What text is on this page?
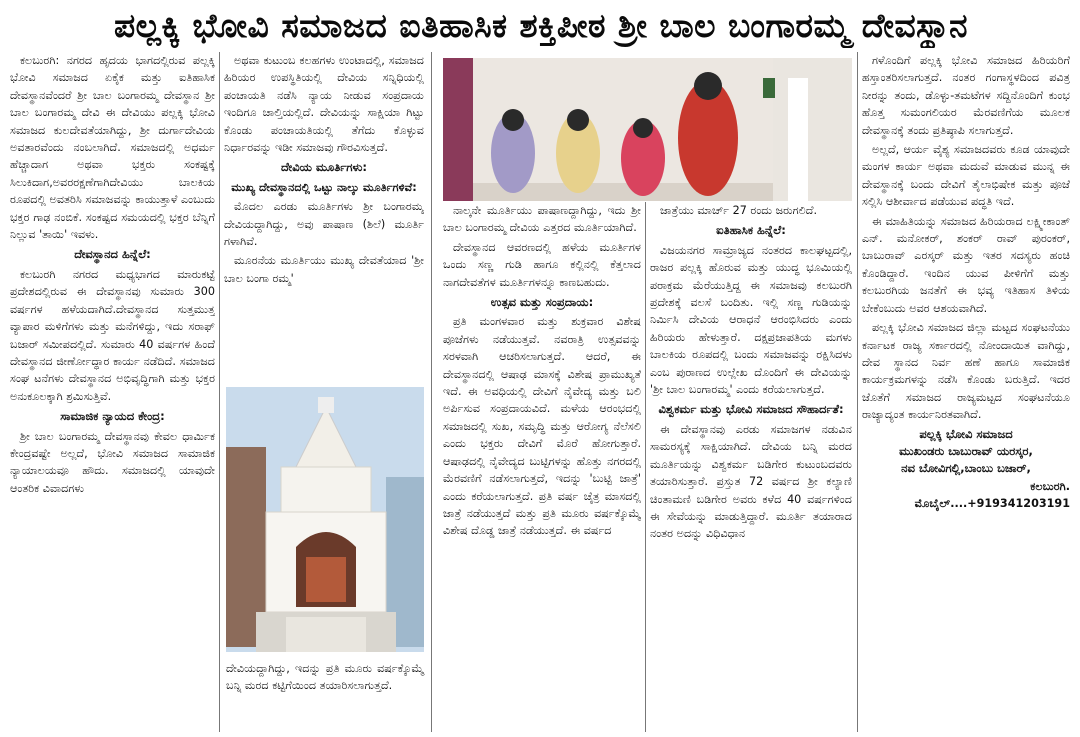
ಪಲ್ಲಕ್ಕಿ ಭೋವಿ ಸಮಾಜದ ಐತಿಹಾಸಿಕ ಶಕ್ತಿಪೀಠ ಶ್ರೀ ಬಾಲ ಬಂಗಾರಮ್ಮ ದೇವಸ್ಥಾನ

ಕಲಬುರಗಿ: ನಗರದ ಹೃದಯ ಭಾಗದಲ್ಲಿರುವ ಪಲ್ಲಕ್ಕಿ ಭೋವಿ ಸಮಾಜದ ಏಕೈಕ ಮತ್ತು ಐತಿಹಾಸಿಕ ದೇವಸ್ಥಾನವೆಂದರೆ ಶ್ರೀ ಬಾಲ ಬಂಗಾರಮ್ಮ ದೇವಸ್ಥಾನ ಶ್ರೀ ಬಾಲ ಬಂಗಾರಮ್ಮ ದೇವಿ ಈ ದೇವಿಯು ಪಲ್ಲಕ್ಕಿ ಭೋವಿ ಸಮಾಜದ ಕುಲದೇವತೆಯಾಗಿದ್ದು, ಶ್ರೀ ದುರ್ಗಾದೇವಿಯ ಅವತಾರವೆಂದು ನಂಬಲಾಗಿದೆ. ಸಮಾಜದಲ್ಲಿ ಅಧರ್ಮ ಹೆಚ್ಚಾದಾಗ ಅಥವಾ ಭಕ್ತರು ಸಂಕಷ್ಟಕ್ಕೆ ಸಿಲುಕಿದಾಗ,ಅವರರಕ್ಷಣೆಗಾಗಿದೇವಿಯು ಬಾಲಕಿಯ ರೂಪದಲ್ಲಿ ಅವತರಿಸಿ ಸಮಾಜವನ್ನು ಕಾಯುತ್ತಾಳೆ ಎಂಬುದು ಭಕ್ತರ ಗಾಢ ನಂಬಿಕೆ. ಸಂಕಷ್ಟದ ಸಮಯದಲ್ಲಿ ಭಕ್ತರ ಬೆನ್ನಿಗೆ ನಿಲ್ಲುವ 'ತಾಯಿ' ಇವಳು.

ದೇವಸ್ಥಾನದ ಹಿನ್ನೆಲೆ:

ಕಲಬುರಗಿ ನಗರದ ಮಧ್ಯಭಾಗದ ಮಾರುಕಟ್ಟೆ ಪ್ರದೇಶದಲ್ಲಿರುವ ಈ ದೇವಸ್ಥಾನವು ಸುಮಾರು 300 ವರ್ಷಗಳ ಹಳೆಯದಾಗಿದೆ.ದೇವಸ್ಥಾನದ ಸುತ್ತಮುತ್ತ ವ್ಯಾಪಾರ ಮಳಿಗೆಗಳು ಮತ್ತು ಮನೆಗಳಿದ್ದು, ಇದು ಸರಾಫ್ ಬಜಾರ್ ಸಮೀಪದಲ್ಲಿದೆ. ಸುಮಾರು 40 ವರ್ಷಗಳ ಹಿಂದೆ ದೇವಸ್ಥಾನದ ಜೀರ್ಣೋದ್ಧಾರ ಕಾರ್ಯ ನಡೆದಿದೆ. ಸಮಾಜದ ಸಂಘ ಟನೆಗಳು ದೇವಸ್ಥಾನದ ಅಭಿವೃದ್ಧಿಗಾಗಿ ಮತ್ತು ಭಕ್ತರ ಅನುಕೂಲಕ್ಕಾಗಿ ಶ್ರಮಿಸುತ್ತಿವೆ.

ಸಾಮಾಜಿಕ ನ್ಯಾಯದ ಕೇಂದ್ರ:

ಶ್ರೀ ಬಾಲ ಬಂಗಾರಮ್ಮ ದೇವಸ್ಥಾನವು ಕೇವಲ ಧಾರ್ಮಿಕ ಕೇಂದ್ರವಷ್ಟೇ ಅಲ್ಲದೆ, ಭೋವಿ ಸಮಾಜದ ಸಾಮಾಜಿಕ ನ್ಯಾಯಾಲಯವೂ ಹೌದು. ಸಮಾಜದಲ್ಲಿ ಯಾವುದೇ ಆಂತರಿಕ ವಿವಾದಗಳು

ಅಥವಾ ಕುಟುಂಬ ಕಲಹಗಳು ಉಂಟಾದಲ್ಲಿ, ಸಮಾಜದ ಹಿರಿಯರ ಉಪಸ್ಥಿತಿಯಲ್ಲಿ ದೇವಿಯ ಸನ್ನಿಧಿಯಲ್ಲಿ ಪಂಚಾಯತಿ ನಡೆಸಿ ನ್ಯಾಯ ನೀಡುವ ಸಂಪ್ರದಾಯ ಇಂದಿಗೂ ಚಾಲ್ತಿಯಲ್ಲಿದೆ. ದೇವಿಯನ್ನು ಸಾಕ್ಷಿಯಾ ಗಿಟ್ಟು ಕೊಂಡು ಪಂಚಾಯತಿಯಲ್ಲಿ ತೆಗೆದು ಕೊಳ್ಳುವ ನಿರ್ಧಾರವನ್ನು ಇಡೀ ಸಮಾಜವು ಗೌರವಿಸುತ್ತದೆ.

ದೇವಿಯ ಮೂರ್ತಿಗಳು:

ಮುಖ್ಯ ದೇವಸ್ಥಾನದಲ್ಲಿ ಒಟ್ಟು ನಾಲ್ಕು ಮೂರ್ತಿಗಳಿವೆ:

ಮೊದಲ ಎರಡು ಮೂರ್ತಿಗಳು ಶ್ರೀ ಬಂಗಾರಮ್ಮ ದೇವಿಯದ್ದಾಗಿದ್ದು, ಅವು ಪಾಷಾಣ (ಶಿಲೆ) ಮೂರ್ತಿ ಗಳಾಗಿವೆ.

ಮೂರನೆಯ ಮೂರ್ತಿಯು ಮುಖ್ಯ ದೇವತೆಯಾದ 'ಶ್ರೀ ಬಾಲ ಬಂಗಾ ರಮ್ಮ'

ದೇವಿಯದ್ದಾಗಿದ್ದು, ಇದನ್ನು ಪ್ರತಿ ಮೂರು ವರ್ಷಕ್ಕೊಮ್ಮೆ ಬನ್ನಿ ಮರದ ಕಟ್ಟಿಗೆಯಿಂದ ತಯಾರಿಸಲಾಗುತ್ತದೆ.

ನಾಲ್ಕನೇ ಮೂರ್ತಿಯು ಪಾಷಾಣದ್ದಾಗಿದ್ದು, ಇದು ಶ್ರೀ ಬಾಲ ಬಂಗಾರಮ್ಮ ದೇವಿಯ ಎತ್ತರದ ಮೂರ್ತಿಯಾಗಿದೆ.

ದೇವಸ್ಥಾನದ ಆವರಣದಲ್ಲಿ ಹಳೆಯ ಮೂರ್ತಿಗಳ ಒಂದು ಸಣ್ಣ ಗುಡಿ ಹಾಗೂ ಕಲ್ಲಿನಲ್ಲಿ ಕೆತ್ತಲಾದ ನಾಗದೇವತೆಗಳ ಮೂರ್ತಿಗಳನ್ನೂ ಕಾಣಬಹುದು.

ಉತ್ಸವ ಮತ್ತು ಸಂಪ್ರದಾಯ:

ಪ್ರತಿ ಮಂಗಳವಾರ ಮತ್ತು ಶುಕ್ರವಾರ ವಿಶೇಷ ಪೂಜೆಗಳು ನಡೆಯುತ್ತವೆ. ನವರಾತ್ರಿ ಉತ್ಸವವನ್ನು ಸರಳವಾಗಿ ಆಚರಿಸಲಾಗುತ್ತದೆ. ಆದರೆ, ಈ ದೇವಸ್ಥಾನದಲ್ಲಿ ಆಷಾಢ ಮಾಸಕ್ಕೆ ವಿಶೇಷ ಪ್ರಾಮುಖ್ಯತೆ ಇದೆ. ಈ ಅವಧಿಯಲ್ಲಿ ದೇವಿಗೆ ನೈವೇದ್ಯ ಮತ್ತು ಬಲಿ ಅರ್ಪಿಸುವ ಸಂಪ್ರದಾಯವಿದೆ. ಮಳೆಯ ಆರಂಭದಲ್ಲಿ ಸಮಾಜದಲ್ಲಿ ಸುಖ, ಸಮೃದ್ಧಿ ಮತ್ತು ಆರೋಗ್ಯ ನೆಲೆಸಲಿ ಎಂದು ಭಕ್ತರು ದೇವಿಗೆ ಮೊರೆ ಹೋಗುತ್ತಾರೆ. ಆಷಾಢದಲ್ಲಿ ನೈವೇದ್ಯದ ಬುಟ್ಟಿಗಳನ್ನು ಹೊತ್ತು ನಗರದಲ್ಲಿ ಮೆರವಣಿಗೆ ನಡೆಸಲಾಗುತ್ತದೆ, ಇದನ್ನು 'ಬುಟ್ಟಿ ಜಾತ್ರೆ' ಎಂದು ಕರೆಯಲಾಗುತ್ತದೆ. ಪ್ರತಿ ವರ್ಷ ಚೈತ್ರ ಮಾಸದಲ್ಲಿ ಜಾತ್ರೆ ನಡೆಯುತ್ತದೆ ಮತ್ತು ಪ್ರತಿ ಮೂರು ವರ್ಷಕ್ಕೊಮ್ಮೆ ವಿಶೇಷ ದೊಡ್ಡ ಜಾತ್ರೆ ನಡೆಯುತ್ತದೆ. ಈ ವರ್ಷದ

ಜಾತ್ರೆಯು ಮಾರ್ಚ್ 27 ರಂದು ಜರುಗಲಿದೆ.

ಐತಿಹಾಸಿಕ ಹಿನ್ನೆಲೆ:

ವಿಜಯನಗರ ಸಾಮ್ರಾಜ್ಯದ ನಂತರದ ಕಾಲಘಟ್ಟದಲ್ಲಿ, ರಾಜರ ಪಲ್ಲಕ್ಕಿ ಹೊರುವ ಮತ್ತು ಯುದ್ಧ ಭೂಮಿಯಲ್ಲಿ ಪರಾಕ್ರಮ ಮೆರೆಯುತ್ತಿದ್ದ ಈ ಸಮಾಜವು ಕಲಬುರಗಿ ಪ್ರದೇಶಕ್ಕೆ ವಲಸೆ ಬಂದಿತು. ಇಲ್ಲಿ ಸಣ್ಣ ಗುಡಿಯನ್ನು ನಿರ್ಮಿಸಿ ದೇವಿಯ ಆರಾಧನೆ ಆರಂಭಿಸಿದರು ಎಂದು ಹಿರಿಯರು ಹೇಳುತ್ತಾರೆ. ದಕ್ಷಪ್ರಜಾಪತಿಯ ಮಗಳು ಬಾಲಕಿಯ ರೂಪದಲ್ಲಿ ಬಂದು ಸಮಾಜವನ್ನು ರಕ್ಷಿಸಿದಳು ಎಂಬ ಪುರಾಣದ ಉಲ್ಲೇಖ ದೊಂದಿಗೆ ಈ ದೇವಿಯನ್ನು 'ಶ್ರೀ ಬಾಲ ಬಂಗಾರಮ್ಮ' ಎಂದು ಕರೆಯಲಾಗುತ್ತದೆ.

ವಿಶ್ವಕರ್ಮ ಮತ್ತು ಭೋವಿ ಸಮಾಜದ ಸೌಹಾರ್ದತೆ:

ಈ ದೇವಸ್ಥಾನವು ಎರಡು ಸಮಾಜಗಳ ನಡುವಿನ ಸಾಮರಸ್ಯಕ್ಕೆ ಸಾಕ್ಷಿಯಾಗಿದೆ. ದೇವಿಯ ಬನ್ನಿ ಮರದ ಮೂರ್ತಿಯನ್ನು ವಿಶ್ವಕರ್ಮ ಬಡಿಗೇರ ಕುಟುಂಬದವರು ತಯಾರಿಸುತ್ತಾರೆ. ಪ್ರಸ್ತುತ 72 ವರ್ಷದ ಶ್ರೀ ಕಲ್ಯಾಣಿ ಚಿಂತಾಮಣಿ ಬಡಿಗೇರ ಅವರು ಕಳೆದ 40 ವರ್ಷಗಳಿಂದ ಈ ಸೇವೆಯನ್ನು ಮಾಡುತ್ತಿದ್ದಾರೆ. ಮೂರ್ತಿ ತಯಾರಾದ ನಂತರ ಅದನ್ನು ವಿಧಿವಿಧಾನ

ಗಳೊಂದಿಗೆ ಪಲ್ಲಕ್ಕಿ ಭೋವಿ ಸಮಾಜದ ಹಿರಿಯರಿಗೆ ಹಸ್ತಾಂತರಿಸಲಾಗುತ್ತದೆ. ನಂತರ ಗಂಗಾಸ್ಥಳದಿಂದ ಪವಿತ್ರ ನೀರನ್ನು ತಂದು, ಡೊಳ್ಳು-ತಮಟೆಗಳ ಸದ್ದಿನೊಂದಿಗೆ ಕುಂಭ ಹೊತ್ತ ಸುಮಂಗಲಿಯರ ಮೆರವಣಿಗೆಯ ಮೂಲಕ ದೇವಸ್ಥಾನಕ್ಕೆ ತಂದು ಪ್ರತಿಷ್ಠಾಪಿ ಸಲಾಗುತ್ತದೆ.

ಅಲ್ಲದೆ, ಆರ್ಯ ವೈಶ್ಯ ಸಮಾಜದವರು ಕೂಡ ಯಾವುದೇ ಮಂಗಳ ಕಾರ್ಯ ಅಥವಾ ಮದುವೆ ಮಾಡುವ ಮುನ್ನ ಈ ದೇವಸ್ಥಾನಕ್ಕೆ ಬಂದು ದೇವಿಗೆ ತೈಲಾಭಿಷೇಕ ಮತ್ತು ಪೂಜೆ ಸಲ್ಲಿಸಿ ಆಶೀರ್ವಾದ ಪಡೆಯುವ ಪದ್ಧತಿ ಇದೆ.

ಈ ಮಾಹಿತಿಯನ್ನು ಸಮಾಜದ ಹಿರಿಯರಾದ ಲಕ್ಷ್ಮೀಕಾಂತ್ ಎನ್. ಮನೋಕರ್, ಶಂಕರ್ ರಾವ್ ಪುರಂಕರ್, ಬಾಬುರಾವ್ ಎರಸ್ಕರ್ ಮತ್ತು ಇತರ ಸದಸ್ಯರು ಹಂಚಿ ಕೊಂಡಿದ್ದಾರೆ. ಇಂದಿನ ಯುವ ಪೀಳಿಗೆಗೆ ಮತ್ತು ಕಲಬುರಗಿಯ ಜನತೆಗೆ ಈ ಭವ್ಯ ಇತಿಹಾಸ ತಿಳಿಯ ಬೇಕೆಂಬುದು ಅವರ ಆಶಯವಾಗಿದೆ.

ಪಲ್ಲಕ್ಕಿ ಭೋವಿ ಸಮಾಜದ ಜಿಲ್ಲಾ ಮಟ್ಟದ ಸಂಘಟನೆಯು ಕರ್ನಾಟಕ ರಾಜ್ಯ ಸರ್ಕಾರದಲ್ಲಿ ನೋಂದಾಯಿತ ವಾಗಿದ್ದು, ದೇವ ಸ್ಥಾನದ ನಿರ್ವ ಹಣೆ ಹಾಗೂ ಸಾಮಾಜಿಕ ಕಾರ್ಯಕ್ರಮಗಳನ್ನು ನಡೆಸಿ ಕೊಂಡು ಬರುತ್ತಿದೆ. ಇದರ ಜೊತೆಗೆ ಸಮಾಜದ ರಾಜ್ಯಮಟ್ಟದ ಸಂಘಟನೆಯೂ ರಾಜ್ಯಾದ್ಯಂತ ಕಾರ್ಯನಿರತವಾಗಿದೆ.

ಪಲ್ಲಕ್ಕಿ ಭೋವಿ ಸಮಾಜದ

ಮುಖಂಡರು ಬಾಬುರಾವ್ ಯರಸ್ಕರ,

ನವ ಬೋವಿಗಲ್ಲಿ,ಬಾಂಬು ಬಜಾರ್,

ಕಲಬುರಗಿ.

ಮೊಬೈಲ್....+919341203191
